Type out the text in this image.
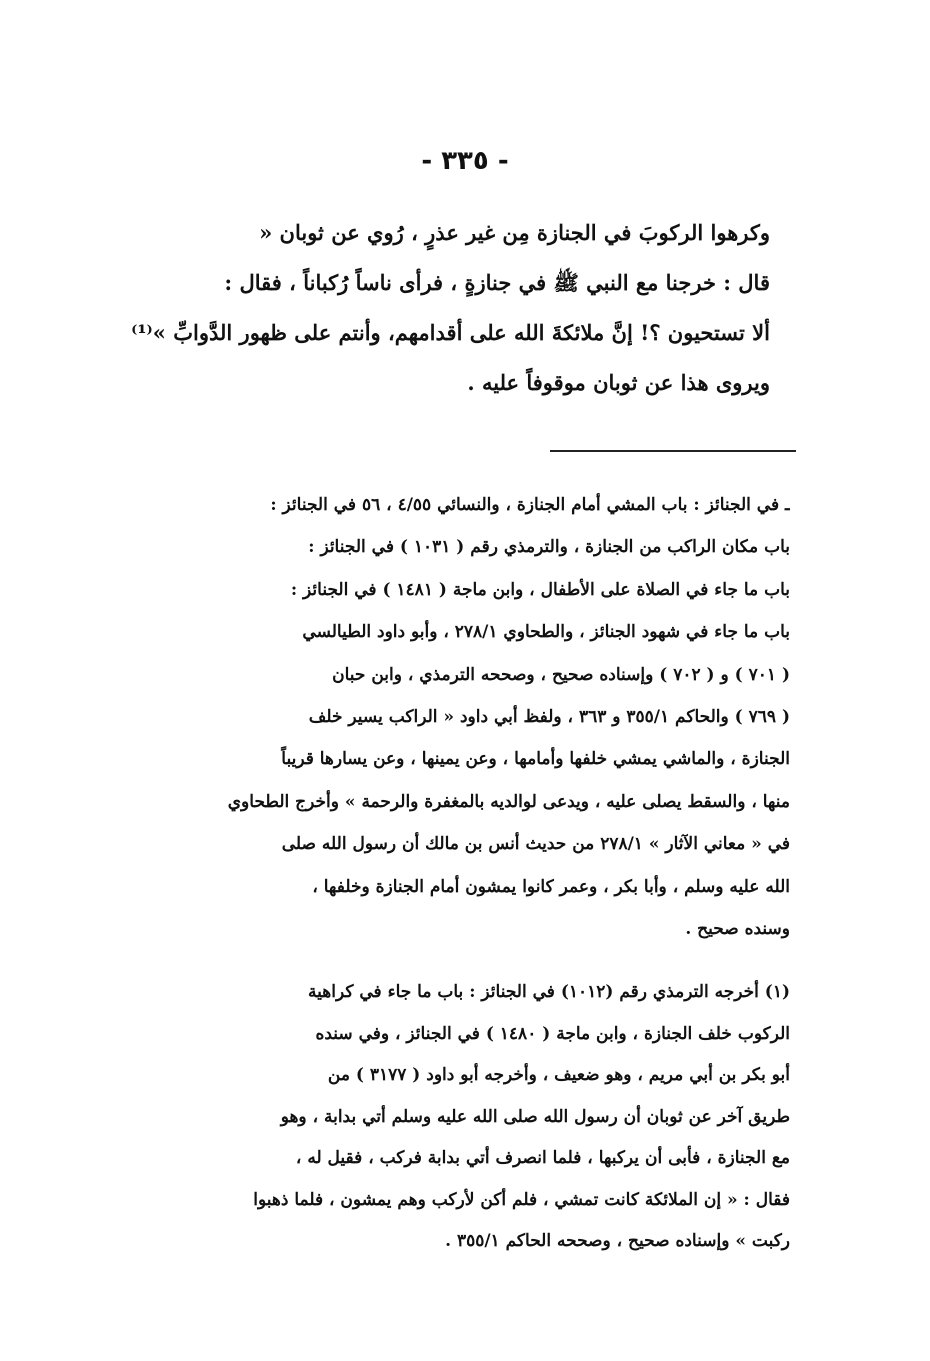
- ٣٣٥ -
وكرهوا الركوبَ في الجنازة مِن غير عذرٍ ، رُوي عن ثوبان «
قال : خرجنا مع النبي ﷺ في جنازةٍ ، فرأى ناساً رُكباناً ، فقال :
ألا تستحيون ؟! إنَّ ملائكةَ الله على أقدامهم، وأنتم على ظهور الدَّوابِّ »⁽¹⁾
ويروى هذا عن ثوبان موقوفاً عليه .
ـ في الجنائز : باب المشي أمام الجنازة ، والنسائي ٤/٥٥ ، ٥٦ في الجنائز :
باب مكان الراكب من الجنازة ، والترمذي رقم ( ١٠٣١ ) في الجنائز :
باب ما جاء في الصلاة على الأطفال ، وابن ماجة ( ١٤٨١ ) في الجنائز :
باب ما جاء في شهود الجنائز ، والطحاوي ٢٧٨/١ ، وأبو داود الطيالسي
( ٧٠١ ) و ( ٧٠٢ ) وإسناده صحيح ، وصححه الترمذي ، وابن حبان
( ٧٦٩ ) والحاكم ٣٥٥/١ و ٣٦٣ ، ولفظ أبي داود « الراكب يسير خلف
الجنازة ، والماشي يمشي خلفها وأمامها ، وعن يمينها ، وعن يسارها قريباً
منها ، والسقط يصلى عليه ، ويدعى لوالديه بالمغفرة والرحمة » وأخرج الطحاوي
في « معاني الآثار » ٢٧٨/١ من حديث أنس بن مالك أن رسول الله صلى
الله عليه وسلم ، وأبا بكر ، وعمر كانوا يمشون أمام الجنازة وخلفها ،
وسنده صحيح .
(١) أخرجه الترمذي رقم (١٠١٢) في الجنائز : باب ما جاء في كراهية
الركوب خلف الجنازة ، وابن ماجة ( ١٤٨٠ ) في الجنائز ، وفي سنده
أبو بكر بن أبي مريم ، وهو ضعيف ، وأخرجه أبو داود ( ٣١٧٧ ) من
طريق آخر عن ثوبان أن رسول الله صلى الله عليه وسلم أتي بدابة ، وهو
مع الجنازة ، فأبى أن يركبها ، فلما انصرف أتي بدابة فركب ، فقيل له ،
فقال : « إن الملائكة كانت تمشي ، فلم أكن لأركب وهم يمشون ، فلما ذهبوا
ركبت » وإسناده صحيح ، وصححه الحاكم ٣٥٥/١ .
